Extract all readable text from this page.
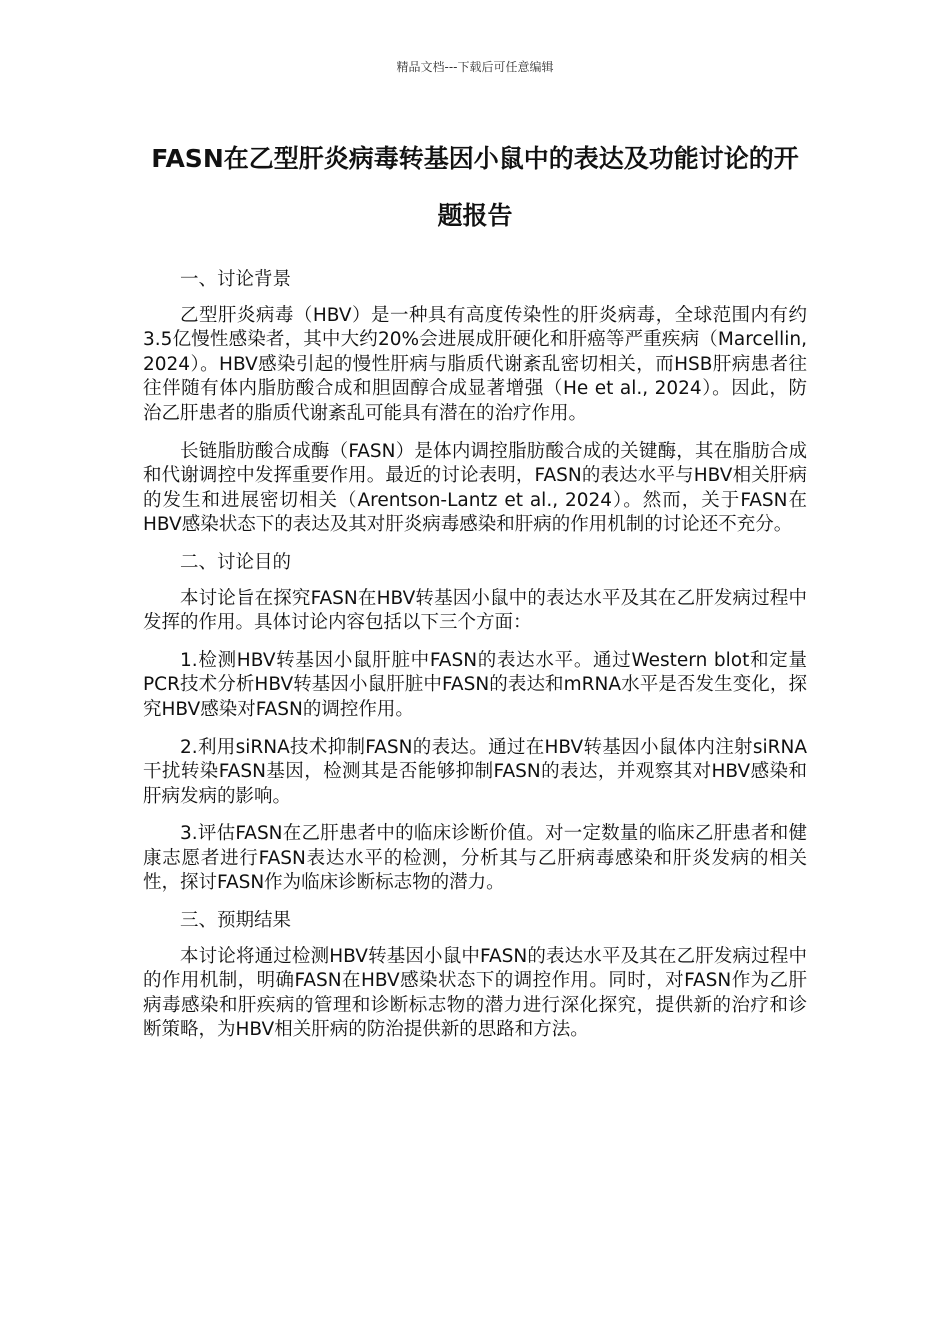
精品文档---下载后可任意编辑
FASN在乙型肝炎病毒转基因小鼠中的表达及功能讨论的开题报告

一、讨论背景

乙型肝炎病毒（HBV）是一种具有高度传染性的肝炎病毒，全球范围内有约3.5亿慢性感染者，其中大约20%会进展成肝硬化和肝癌等严重疾病（Marcellin, 2024）。HBV感染引起的慢性肝病与脂质代谢紊乱密切相关，而HSB肝病患者往往伴随有体内脂肪酸合成和胆固醇合成显著增强（He et al., 2024）。因此，防治乙肝患者的脂质代谢紊乱可能具有潜在的治疗作用。

长链脂肪酸合成酶（FASN）是体内调控脂肪酸合成的关键酶，其在脂肪合成和代谢调控中发挥重要作用。最近的讨论表明，FASN的表达水平与HBV相关肝病的发生和进展密切相关（Arentson-Lantz et al., 2024）。然而，关于FASN在HBV感染状态下的表达及其对肝炎病毒感染和肝病的作用机制的讨论还不充分。

二、讨论目的

本讨论旨在探究FASN在HBV转基因小鼠中的表达水平及其在乙肝发病过程中发挥的作用。具体讨论内容包括以下三个方面：

1.检测HBV转基因小鼠肝脏中FASN的表达水平。通过Western blot和定量PCR技术分析HBV转基因小鼠肝脏中FASN的表达和mRNA水平是否发生变化，探究HBV感染对FASN的调控作用。

2.利用siRNA技术抑制FASN的表达。通过在HBV转基因小鼠体内注射siRNA干扰转染FASN基因，检测其是否能够抑制FASN的表达，并观察其对HBV感染和肝病发病的影响。

3.评估FASN在乙肝患者中的临床诊断价值。对一定数量的临床乙肝患者和健康志愿者进行FASN表达水平的检测，分析其与乙肝病毒感染和肝炎发病的相关性，探讨FASN作为临床诊断标志物的潜力。

三、预期结果

本讨论将通过检测HBV转基因小鼠中FASN的表达水平及其在乙肝发病过程中的作用机制，明确FASN在HBV感染状态下的调控作用。同时，对FASN作为乙肝病毒感染和肝疾病的管理和诊断标志物的潜力进行深化探究，提供新的治疗和诊断策略，为HBV相关肝病的防治提供新的思路和方法。
